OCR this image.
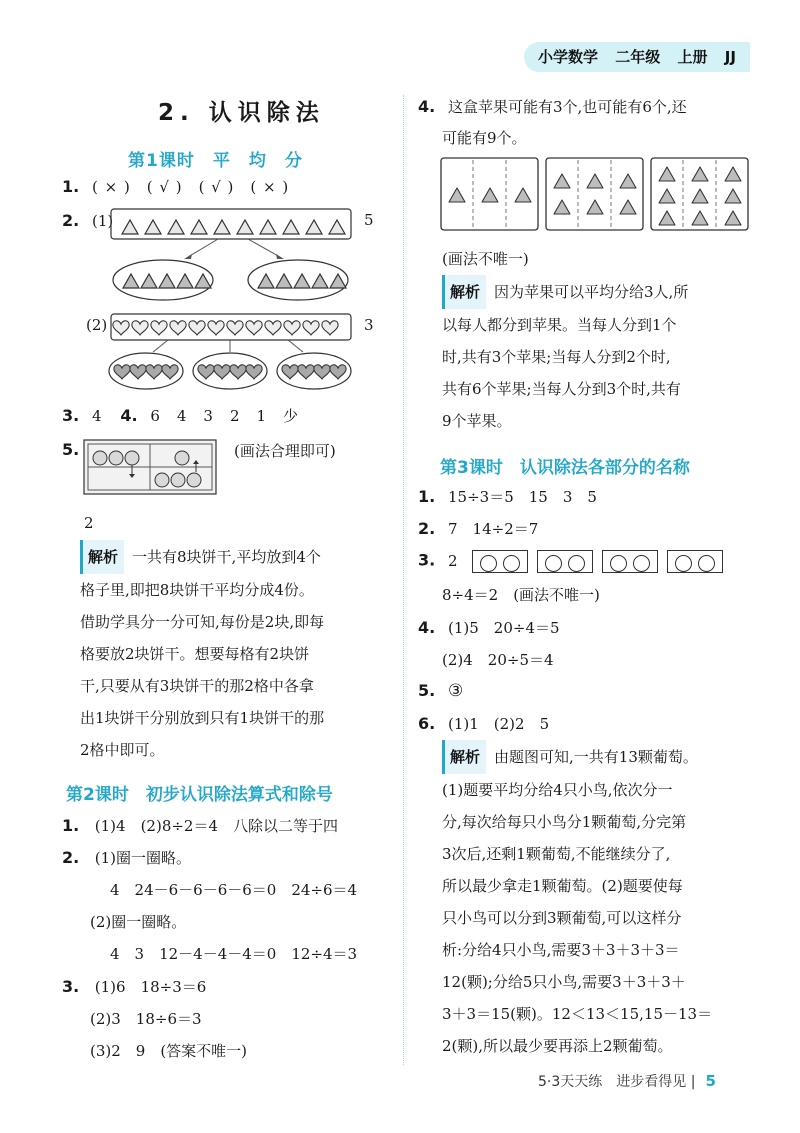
小学数学 二年级 上册 JJ
2. 认识除法
第1课时　平　均　分
1. ( × )　( √ )　( √ )　( × )
2. (1)	5
(2)	3
3. 4 4. 6　4　3　2　1　少
5.	(画法合理即可)
2
解析 一共有8块饼干,平均放到4个
格子里,即把8块饼干平均分成4份。
借助学具分一分可知,每份是2块,即每
格要放2块饼干。想要每格有2块饼
干,只要从有3块饼干的那2格中各拿
出1块饼干分别放到只有1块饼干的那
2格中即可。
第2课时　初步认识除法算式和除号
1. (1)4　(2)8÷2＝4　八除以二等于四
2. (1)圈一圈略。
4　24－6－6－6－6＝0　24÷6＝4
(2)圈一圈略。
4　3　12－4－4－4＝0　12÷4＝3
3. (1)6　18÷3＝6
(2)3　18÷6＝3
(3)2　9　(答案不唯一)
4. 这盒苹果可能有3个,也可能有6个,还
可能有9个。
(画法不唯一)
解析 因为苹果可以平均分给3人,所
以每人都分到苹果。当每人分到1个
时,共有3个苹果;当每人分到2个时,
共有6个苹果;当每人分到3个时,共有
9个苹果。
第3课时　认识除法各部分的名称
1. 15÷3＝5　15　3　5
2. 7　14÷2＝7
3. 2
8÷4＝2　(画法不唯一)
4. (1)5　20÷4＝5
(2)4　20÷5＝4
5. ③
6. (1)1　(2)2　5
解析 由题图可知,一共有13颗葡萄。
(1)题要平均分给4只小鸟,依次分一
分,每次给每只小鸟分1颗葡萄,分完第
3次后,还剩1颗葡萄,不能继续分了,
所以最少拿走1颗葡萄。(2)题要使每
只小鸟可以分到3颗葡萄,可以这样分
析:分给4只小鸟,需要3＋3＋3＋3＝
12(颗);分给5只小鸟,需要3＋3＋3＋
3＋3＝15(颗)。12＜13＜15,15－13＝
2(颗),所以最少要再添上2颗葡萄。
5·3天天练　进步看得见 | 5
